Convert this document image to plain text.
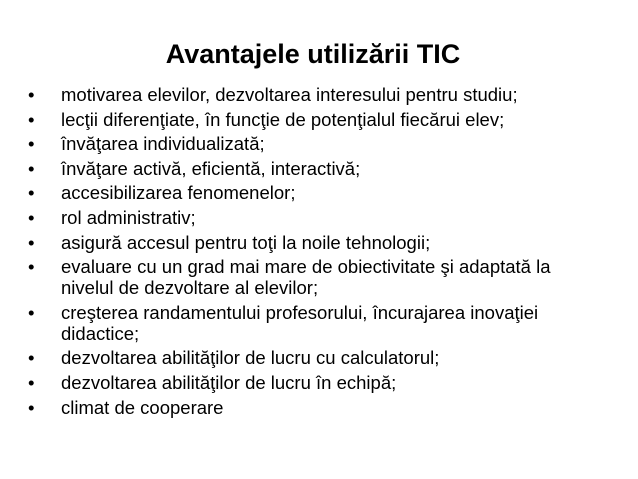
Avantajele utilizării TIC
•	motivarea elevilor, dezvoltarea interesului pentru studiu;
•	lecţii diferenţiate, în funcţie de potenţialul fiecărui elev;
•	învăţarea individualizată;
•	învăţare activă, eficientă, interactivă;
•	accesibilizarea fenomenelor;
•	rol administrativ;
•	asigură accesul pentru toţi la noile tehnologii;
•	evaluare cu un grad mai mare de obiectivitate şi adaptată la nivelul de dezvoltare al elevilor;
•	creşterea randamentului profesorului, încurajarea inovaţiei didactice;
•	dezvoltarea abilităţilor de lucru cu calculatorul;
•	dezvoltarea abilităţilor de lucru în echipă;
•	climat de cooperare
